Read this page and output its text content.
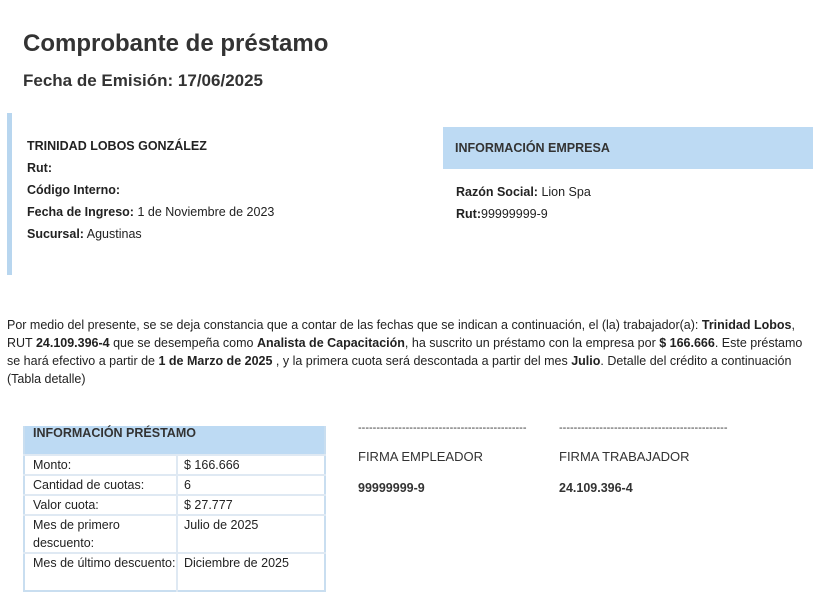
Comprobante de préstamo
Fecha de Emisión: 17/06/2025
TRINIDAD LOBOS GONZÁLEZ
Rut:
Código Interno:
Fecha de Ingreso: 1 de Noviembre de 2023
Sucursal: Agustinas
INFORMACIÓN EMPRESA
Razón Social: Lion Spa
Rut:99999999-9
Por medio del presente, se se deja constancia que a contar de las fechas que se indican a continuación, el (la) trabajador(a): Trinidad Lobos, RUT 24.109.396-4 que se desempeña como Analista de Capacitación, ha suscrito un préstamo con la empresa por $ 166.666. Este préstamo se hará efectivo a partir de 1 de Marzo de 2025 , y la primera cuota será descontada a partir del mes Julio. Detalle del crédito a continuación (Tabla detalle)
INFORMACIÓN PRÉSTAMO	
Monto:	$ 166.666
Cantidad de cuotas:	6
Valor cuota:	$ 27.777
Mes de primero descuento:	Julio de 2025
Mes de último descuento:	Diciembre de 2025
----------------------------------------------
FIRMA EMPLEADOR
99999999-9
----------------------------------------------
FIRMA TRABAJADOR
24.109.396-4
